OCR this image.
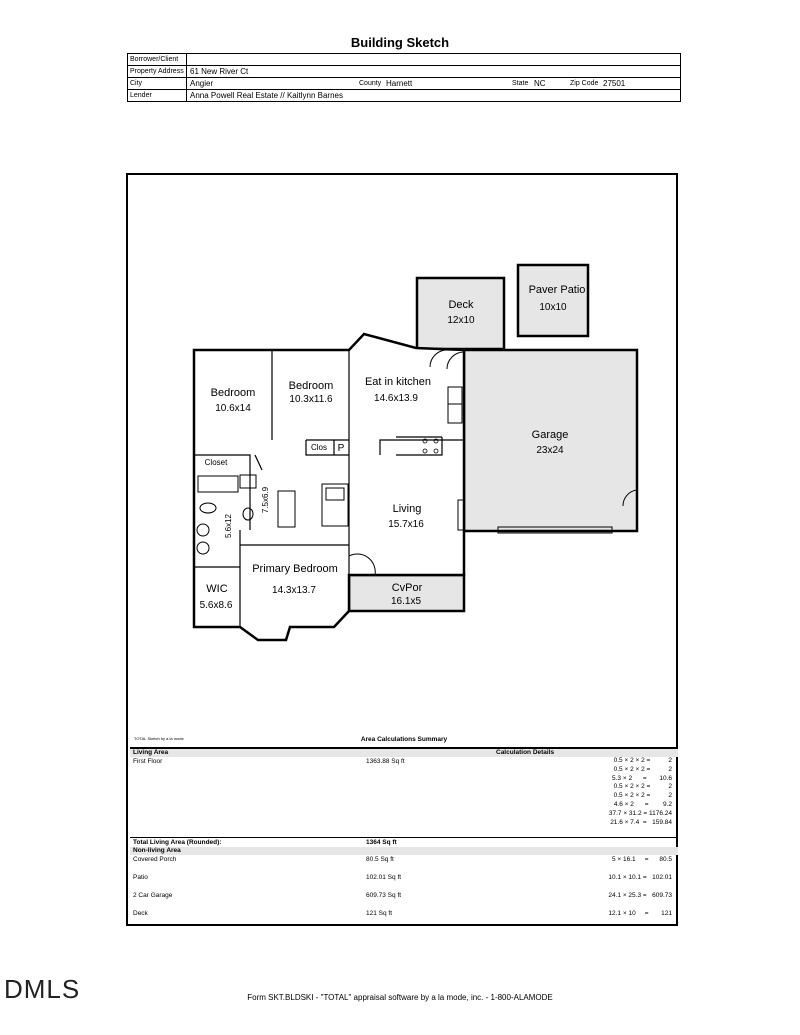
Building Sketch
Borrower/Client
Property Address 61 New River Ct
City	Angier	County Harnett	State NC	Zip Code 27501
Lender	Anna Powell Real Estate // Kaitlynn Barnes
Deck
12x10
Paver Patio
10x10
Bedroom
10.6x14
Bedroom
10.3x11.6
Eat in kitchen
14.6x13.9
Garage
23x24
Clos P
Closet
7.5x6.9
5.6x12
Living
15.7x16
Primary Bedroom
14.3x13.7
WIC
5.6x8.6
CvPor
16.1x5
TOTAL Sketch by a la mode	Area Calculations Summary
Living Area	Calculation Details
First Floor	1363.88 Sq ft	0.5 × 2 × 2 =          2
0.5 × 2 × 2 =          2
5.3 × 2      =       10.6
0.5 × 2 × 2 =          2
0.5 × 2 × 2 =          2
4.6 × 2      =        9.2
37.7 × 31.2 = 1176.24
21.6 × 7.4  =   159.84
Total Living Area (Rounded):	1364 Sq ft
Non-living Area
Covered Porch	80.5 Sq ft	5 × 16.1     =      80.5
Patio	102.01 Sq ft	10.1 × 10.1 =   102.01
2 Car Garage	609.73 Sq ft	24.1 × 25.3 =   609.73
Deck	121 Sq ft	12.1 × 10     =       121
DMLS	Form SKT.BLDSKI - "TOTAL" appraisal software by a la mode, inc. - 1-800-ALAMODE
